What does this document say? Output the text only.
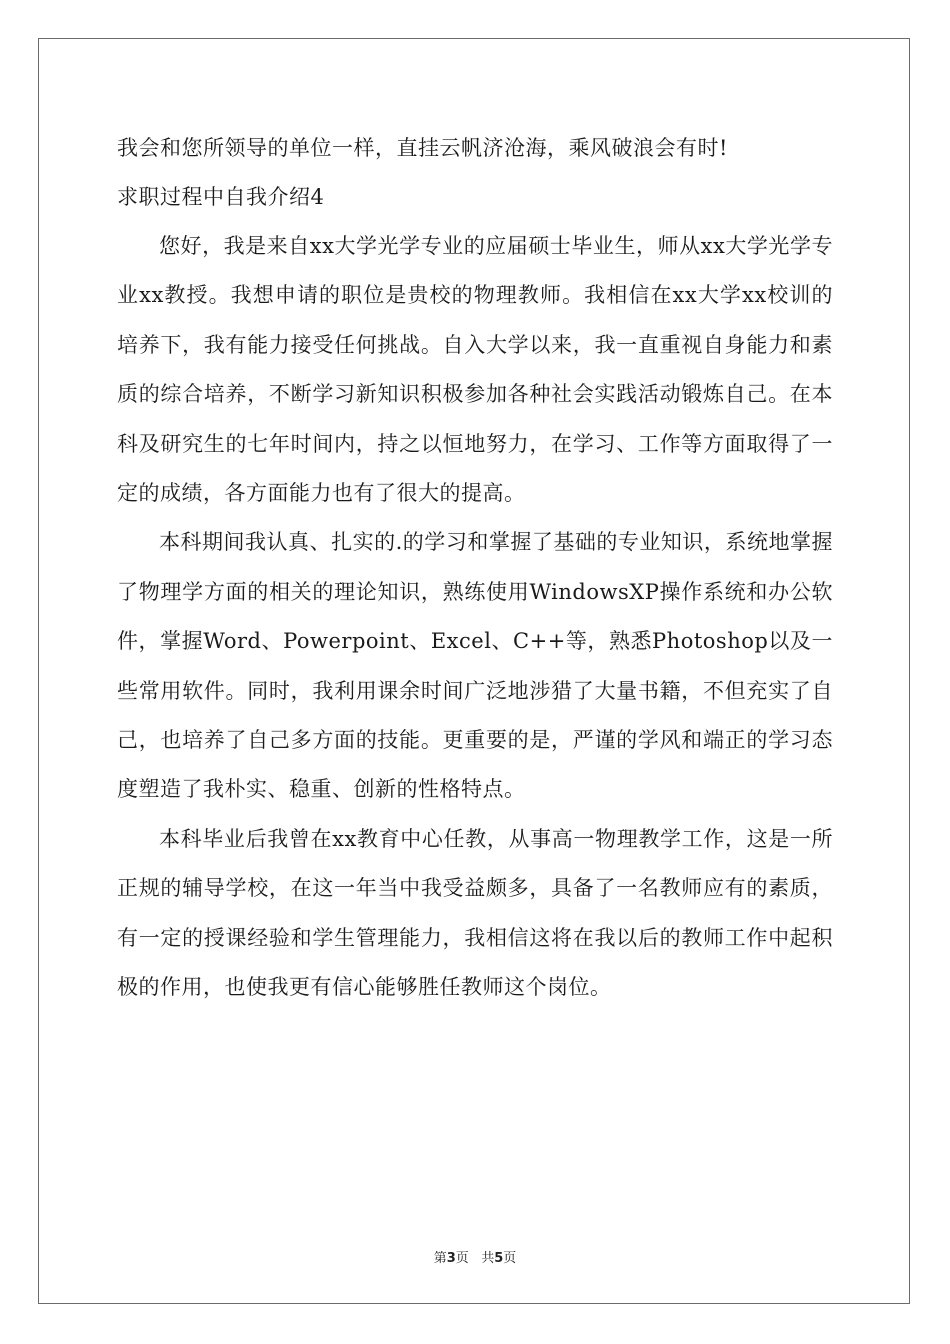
我会和您所领导的单位一样，直挂云帆济沧海，乘风破浪会有时!
求职过程中自我介绍4

您好，我是来自xx大学光学专业的应届硕士毕业生，师从xx大学光学专业xx教授。我想申请的职位是贵校的物理教师。我相信在xx大学xx校训的培养下，我有能力接受任何挑战。自入大学以来，我一直重视自身能力和素质的综合培养，不断学习新知识积极参加各种社会实践活动锻炼自己。在本科及研究生的七年时间内，持之以恒地努力，在学习、工作等方面取得了一定的成绩，各方面能力也有了很大的提高。

本科期间我认真、扎实的.的学习和掌握了基础的专业知识，系统地掌握了物理学方面的相关的理论知识，熟练使用WindowsXP操作系统和办公软件，掌握Word、Powerpoint、Excel、C++等，熟悉Photoshop以及一些常用软件。同时，我利用课余时间广泛地涉猎了大量书籍，不但充实了自己，也培养了自己多方面的技能。更重要的是，严谨的学风和端正的学习态度塑造了我朴实、稳重、创新的性格特点。

本科毕业后我曾在xx教育中心任教，从事高一物理教学工作，这是一所正规的辅导学校，在这一年当中我受益颇多，具备了一名教师应有的素质，有一定的授课经验和学生管理能力，我相信这将在我以后的教师工作中起积极的作用，也使我更有信心能够胜任教师这个岗位。

第3页 共5页
